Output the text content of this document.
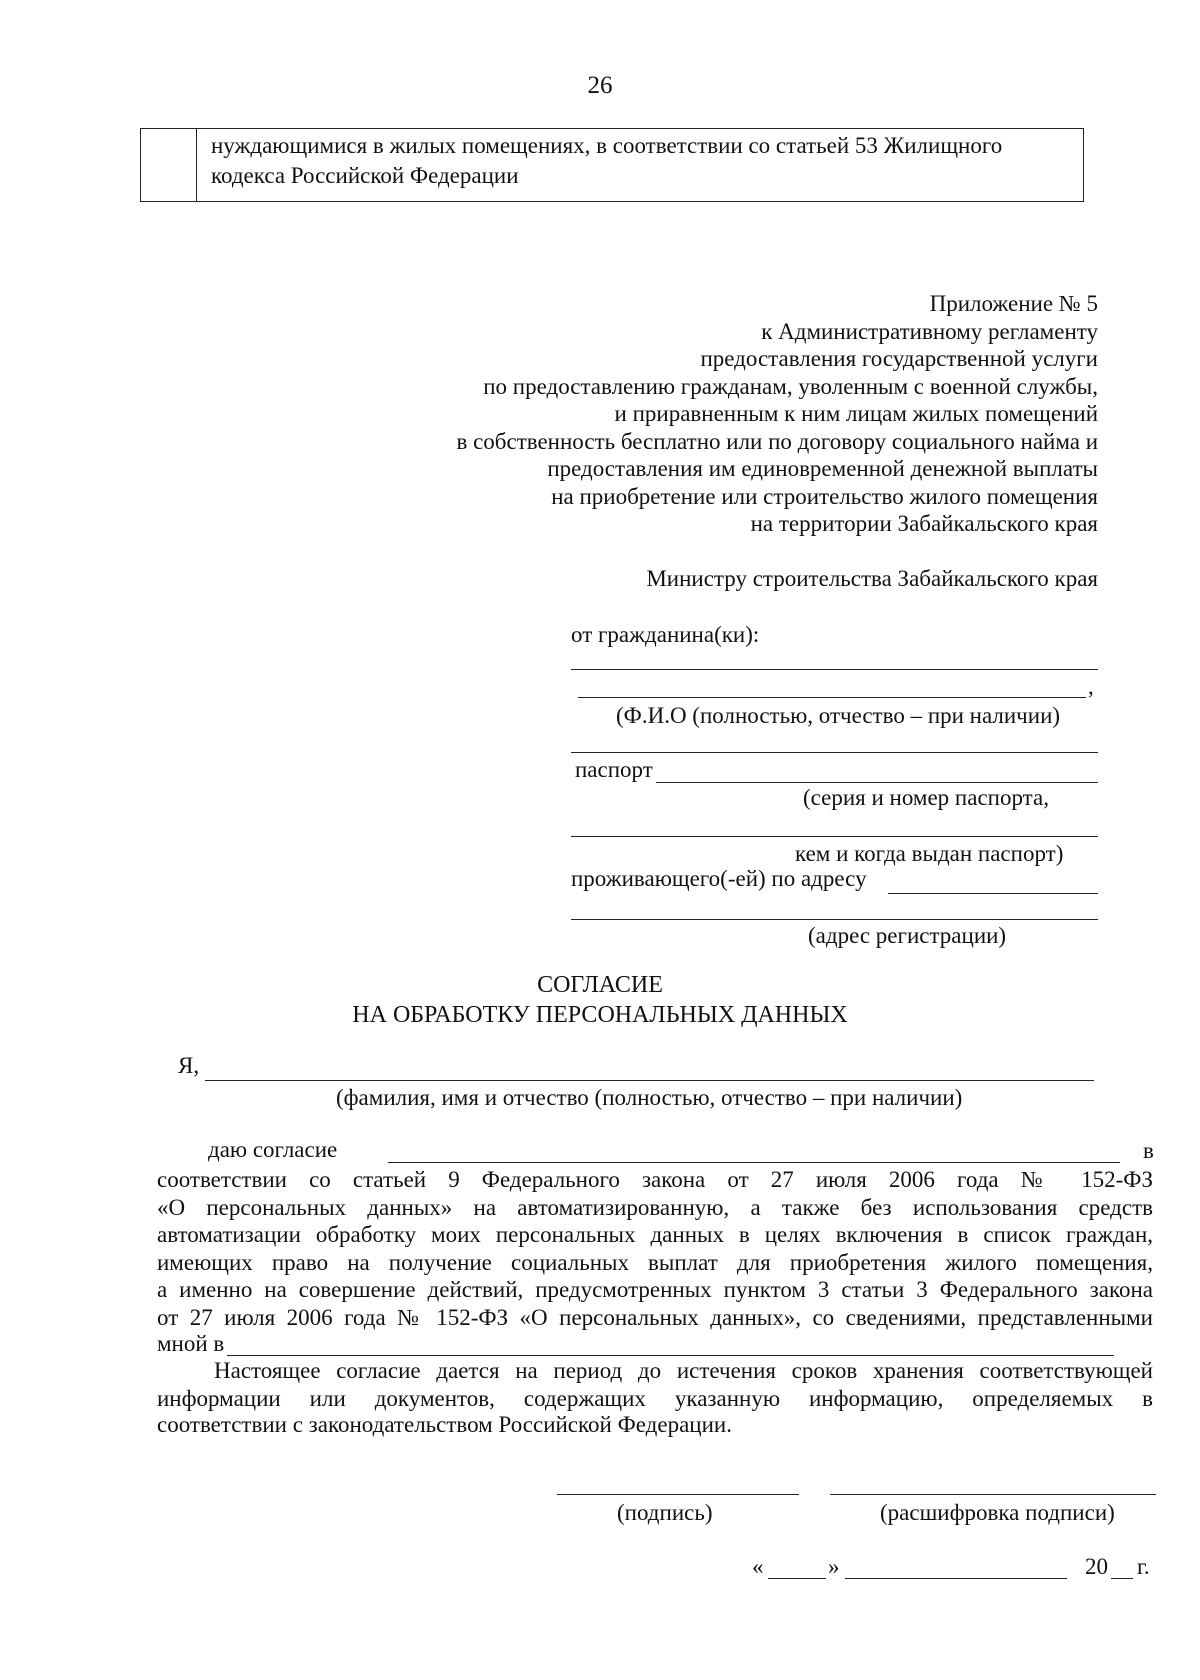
26
нуждающимися в жилых помещениях, в соответствии со статьей 53 Жилищного
кодекса Российской Федерации
Приложение № 5
к Административному регламенту
предоставления государственной услуги
по предоставлению гражданам, уволенным с военной службы,
и приравненным к ним лицам жилых помещений
в собственность бесплатно или по договору социального найма и
предоставления им единовременной денежной выплаты
на приобретение или строительство жилого помещения
на территории Забайкальского края
Министру строительства Забайкальского края
от гражданина(ки):
,
(Ф.И.О (полностью, отчество – при наличии)
паспорт
(серия и номер паспорта,
кем и когда выдан паспорт)
проживающего(-ей) по адресу
(адрес регистрации)
СОГЛАСИЕ
НА ОБРАБОТКУ ПЕРСОНАЛЬНЫХ ДАННЫХ
Я,
(фамилия, имя и отчество (полностью, отчество – при наличии)
даю согласие	в
соответствии со статьей 9 Федерального закона от 27 июля 2006 года № 152-ФЗ
«О персональных данных» на автоматизированную, а также без использования средств
автоматизации обработку моих персональных данных в целях включения в список граждан,
имеющих право на получение социальных выплат для приобретения жилого помещения,
а именно на совершение действий, предусмотренных пунктом 3 статьи 3 Федерального закона
от 27 июля 2006 года № 152-ФЗ «О персональных данных», со сведениями, представленными
мной в
Настоящее согласие дается на период до истечения сроков хранения соответствующей
информации или документов, содержащих указанную информацию, определяемых в
соответствии с законодательством Российской Федерации.
(подпись)	(расшифровка подписи)
«	»	20 г.
